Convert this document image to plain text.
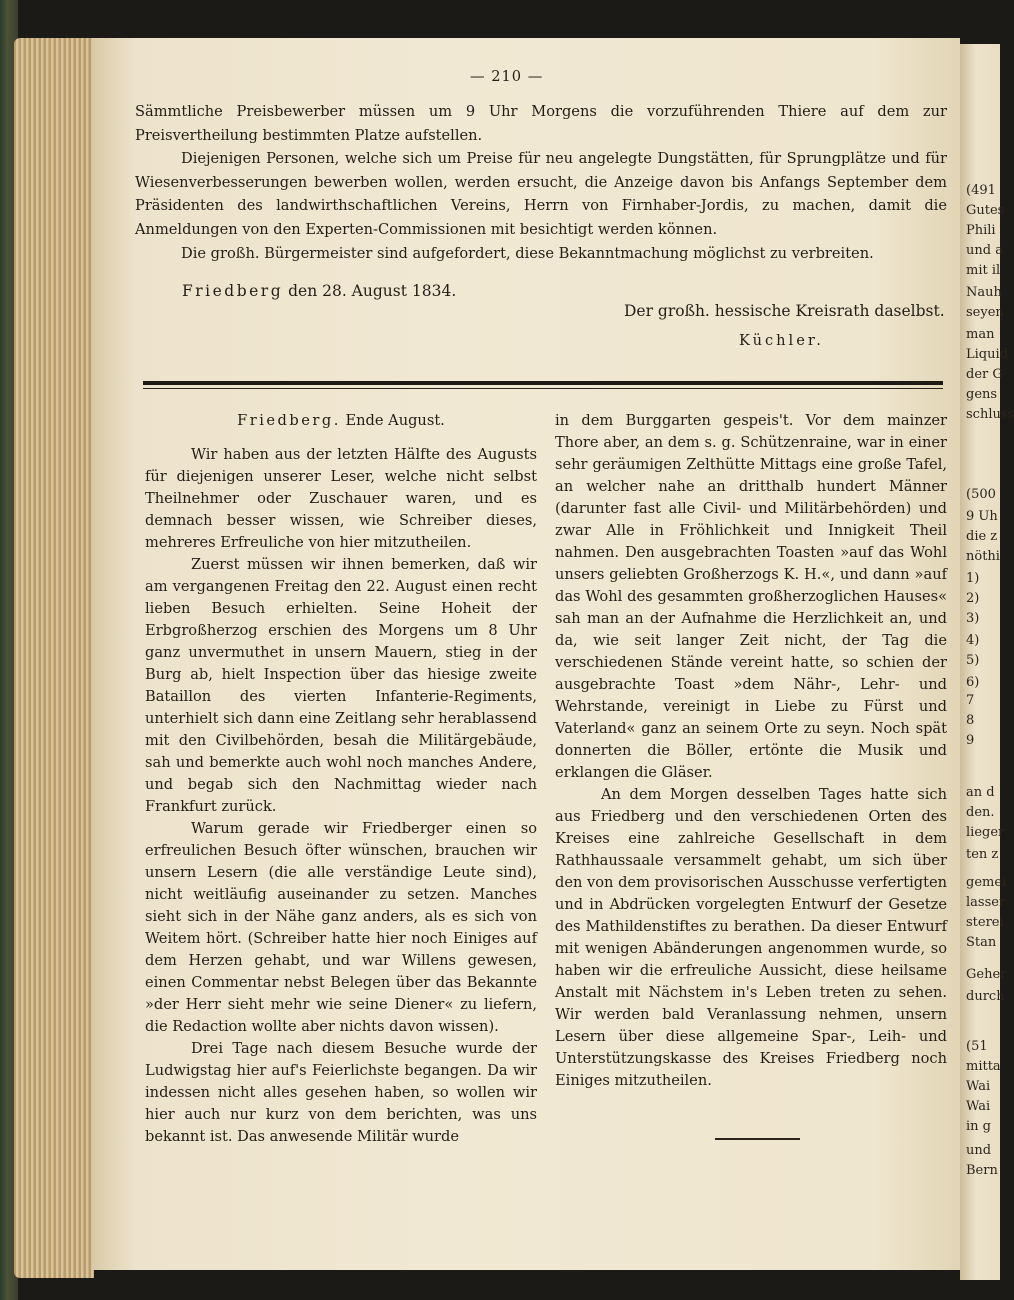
(491
Gutes
Phili
und a
mit il
Nauh
seyen
man
Liquid
der G
gens
schluss
(500
9 Uh
die z
nöthi
1)
2)
3)
4)
5)
6)
7
8
9
an d
den.
lieger
ten z
gemei
lasser
sterei
Stan
Geher
durch
(51
mitta
Wai
Wai
in g
und
Bern
— 210 —

Sämmtliche Preisbewerber müssen um 9 Uhr Morgens die vorzuführenden Thiere auf dem zur Preisvertheilung bestimmten Platze aufstellen.

Diejenigen Personen, welche sich um Preise für neu angelegte Dungstätten, für Sprungplätze und für Wiesenverbesserungen bewerben wollen, werden ersucht, die Anzeige davon bis Anfangs September dem Präsidenten des landwirthschaftlichen Vereins, Herrn von Firnhaber-Jordis, zu machen, damit die Anmeldungen von den Experten-Commissionen mit besichtigt werden können.

Die großh. Bürgermeister sind aufgefordert, diese Bekanntmachung möglichst zu verbreiten.

Friedberg den 28. August 1834.
Der großh. hessische Kreisrath daselbst.
Küchler.

Friedberg. Ende August.

Wir haben aus der letzten Hälfte des Augusts für diejenigen unserer Leser, welche nicht selbst Theilnehmer oder Zuschauer waren, und es demnach besser wissen, wie Schreiber dieses, mehreres Erfreuliche von hier mitzutheilen.

Zuerst müssen wir ihnen bemerken, daß wir am vergangenen Freitag den 22. August einen recht lieben Besuch erhielten. Seine Hoheit der Erbgroßherzog erschien des Morgens um 8 Uhr ganz unvermuthet in unsern Mauern, stieg in der Burg ab, hielt Inspection über das hiesige zweite Bataillon des vierten Infanterie-Regiments, unterhielt sich dann eine Zeitlang sehr herablassend mit den Civilbehörden, besah die Militärgebäude, sah und bemerkte auch wohl noch manches Andere, und begab sich den Nachmittag wieder nach Frankfurt zurück.

Warum gerade wir Friedberger einen so erfreulichen Besuch öfter wünschen, brauchen wir unsern Lesern (die alle verständige Leute sind), nicht weitläufig auseinander zu setzen. Manches sieht sich in der Nähe ganz anders, als es sich von Weitem hört. (Schreiber hatte hier noch Einiges auf dem Herzen gehabt, und war Willens gewesen, einen Commentar nebst Belegen über das Bekannte »der Herr sieht mehr wie seine Diener« zu liefern, die Redaction wollte aber nichts davon wissen).

Drei Tage nach diesem Besuche wurde der Ludwigstag hier auf's Feierlichste begangen. Da wir indessen nicht alles gesehen haben, so wollen wir hier auch nur kurz von dem berichten, was uns bekannt ist. Das anwesende Militär wurde

in dem Burggarten gespeis't. Vor dem mainzer Thore aber, an dem s. g. Schützenraine, war in einer sehr geräumigen Zelthütte Mittags eine große Tafel, an welcher nahe an dritthalb hundert Männer (darunter fast alle Civil- und Militärbehörden) und zwar Alle in Fröhlichkeit und Innigkeit Theil nahmen. Den ausgebrachten Toasten »auf das Wohl unsers geliebten Großherzogs K. H.«, und dann »auf das Wohl des gesammten großherzoglichen Hauses« sah man an der Aufnahme die Herzlichkeit an, und da, wie seit langer Zeit nicht, der Tag die verschiedenen Stände vereint hatte, so schien der ausgebrachte Toast »dem Nähr-, Lehr- und Wehrstande, vereinigt in Liebe zu Fürst und Vaterland« ganz an seinem Orte zu seyn. Noch spät donnerten die Böller, ertönte die Musik und erklangen die Gläser.

An dem Morgen desselben Tages hatte sich aus Friedberg und den verschiedenen Orten des Kreises eine zahlreiche Gesellschaft in dem Rathhaussaale versammelt gehabt, um sich über den von dem provisorischen Ausschusse verfertigten und in Abdrücken vorgelegten Entwurf der Gesetze des Mathildenstiftes zu berathen. Da dieser Entwurf mit wenigen Abänderungen angenommen wurde, so haben wir die erfreuliche Aussicht, diese heilsame Anstalt mit Nächstem in's Leben treten zu sehen. Wir werden bald Veranlassung nehmen, unsern Lesern über diese allgemeine Spar-, Leih- und Unterstützungskasse des Kreises Friedberg noch Einiges mitzutheilen.
